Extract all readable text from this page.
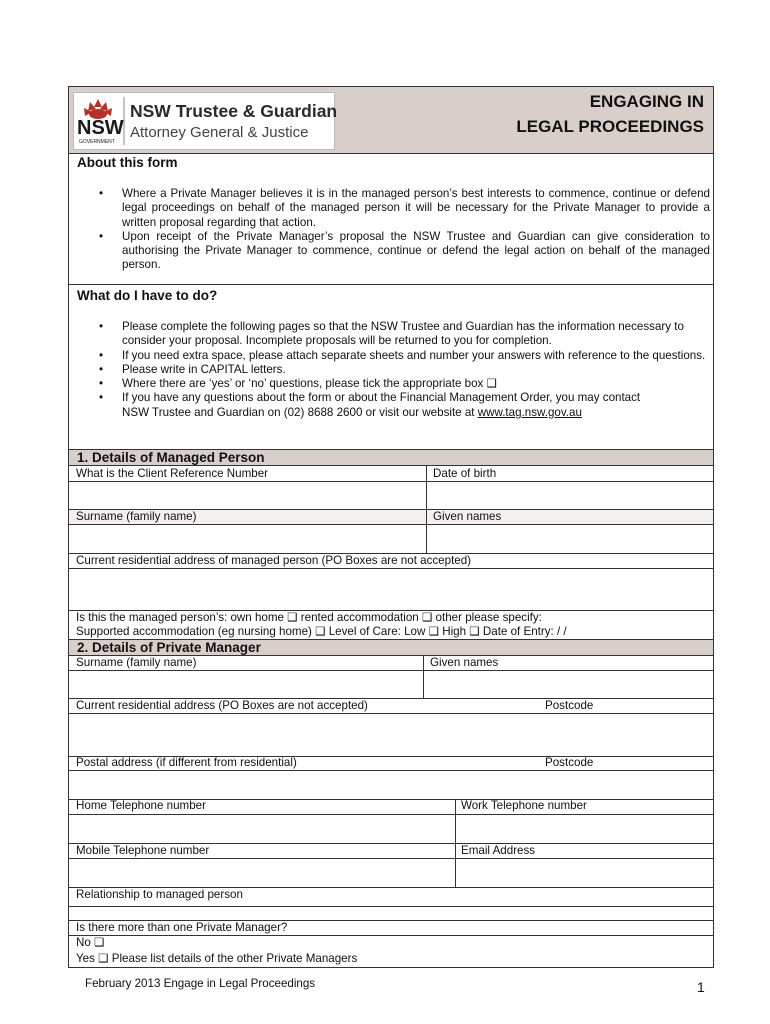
NSW
GOVERNMENT
NSW Trustee & Guardian
Attorney General & Justice
ENGAGING IN
LEGAL PROCEEDINGS
About this form
• Where a Private Manager believes it is in the managed person’s best interests to commence, continue or defend legal proceedings on behalf of the managed person it will be necessary for the Private Manager to provide a written proposal regarding that action.
• Upon receipt of the Private Manager’s proposal the NSW Trustee and Guardian can give consideration to authorising the Private Manager to commence, continue or defend the legal action on behalf of the managed person.
What do I have to do?
• Please complete the following pages so that the NSW Trustee and Guardian has the information necessary to consider your proposal. Incomplete proposals will be returned to you for completion.
• If you need extra space, please attach separate sheets and number your answers with reference to the questions.
• Please write in CAPITAL letters.
• Where there are ‘yes’ or ‘no’ questions, please tick the appropriate box ❑
• If you have any questions about the form or about the Financial Management Order, you may contact
NSW Trustee and Guardian on (02) 8688 2600 or visit our website at www.tag.nsw.gov.au
1. Details of Managed Person
What is the Client Reference Number	Date of birth
Surname (family name)	Given names
Current residential address of managed person (PO Boxes are not accepted)
Is this the managed person’s: own home ❑ rented accommodation ❑ other please specify:
Supported accommodation (eg nursing home) ❑ Level of Care: Low ❑ High ❑ Date of Entry: / /
2. Details of Private Manager
Surname (family name)	Given names
Current residential address (PO Boxes are not accepted)	Postcode
Postal address (if different from residential)	Postcode
Home Telephone number	Work Telephone number
Mobile Telephone number	Email Address
Relationship to managed person
Is there more than one Private Manager?
No ❑
Yes ❑ Please list details of the other Private Managers
February 2013 Engage in Legal Proceedings	1
